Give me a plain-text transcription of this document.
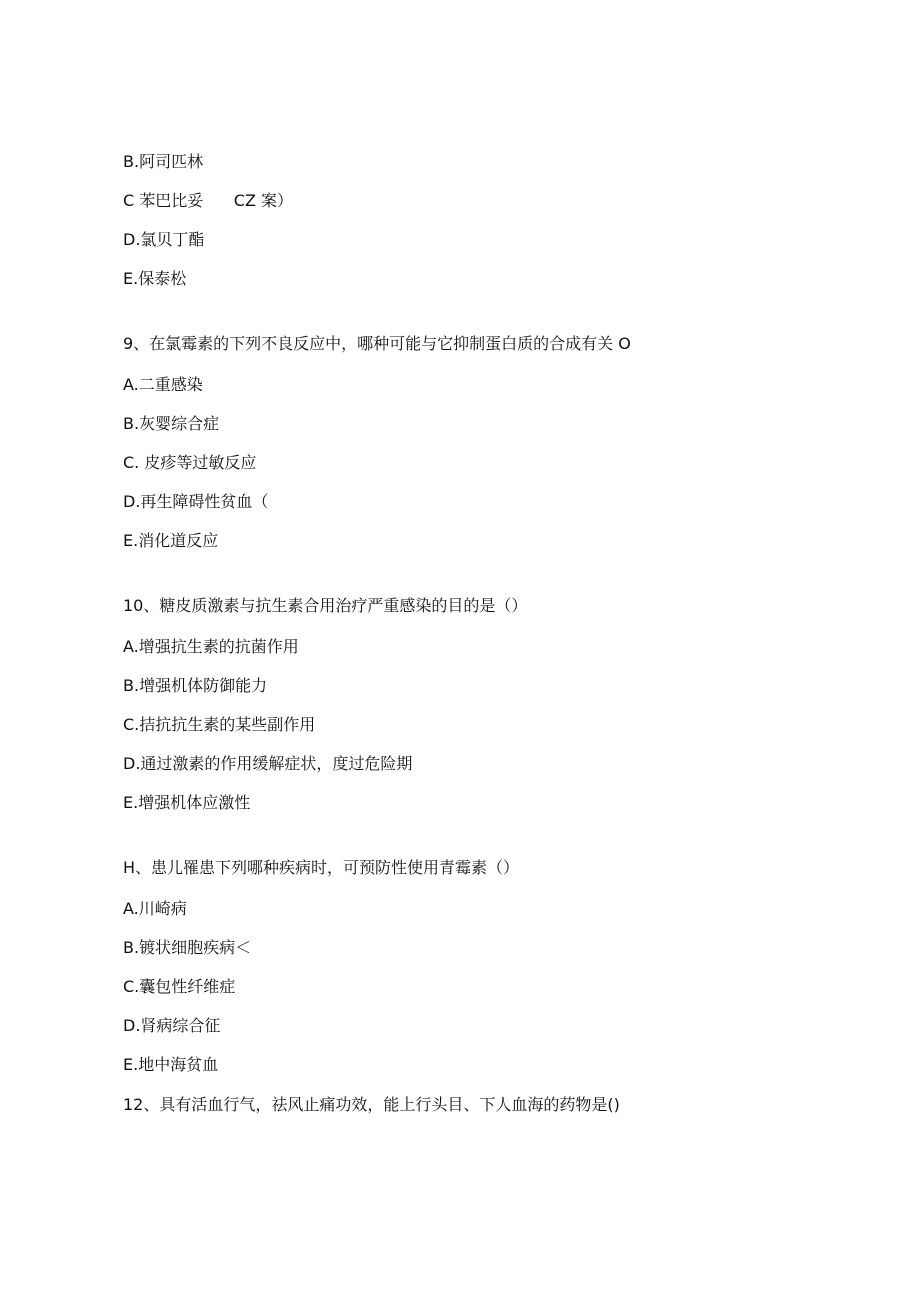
B.阿司匹林
C 苯巴比妥      CZ 案）
D.氯贝丁酯
E.保泰松
9、在氯霉素的下列不良反应中，哪种可能与它抑制蛋白质的合成有关 O
A.二重感染
B.灰婴综合症
C. 皮疹等过敏反应
D.再生障碍性贫血（
E.消化道反应
10、糖皮质激素与抗生素合用治疗严重感染的目的是（）
A.增强抗生素的抗菌作用
B.增强机体防御能力
C.拮抗抗生素的某些副作用
D.通过激素的作用缓解症状，度过危险期
E.增强机体应激性
H、患儿罹患下列哪种疾病时，可预防性使用青霉素（）
A.川崎病
B.镀状细胞疾病＜
C.囊包性纤维症
D.肾病综合征
E.地中海贫血
12、具有活血行气，祛风止痛功效，能上行头目、下人血海的药物是()
